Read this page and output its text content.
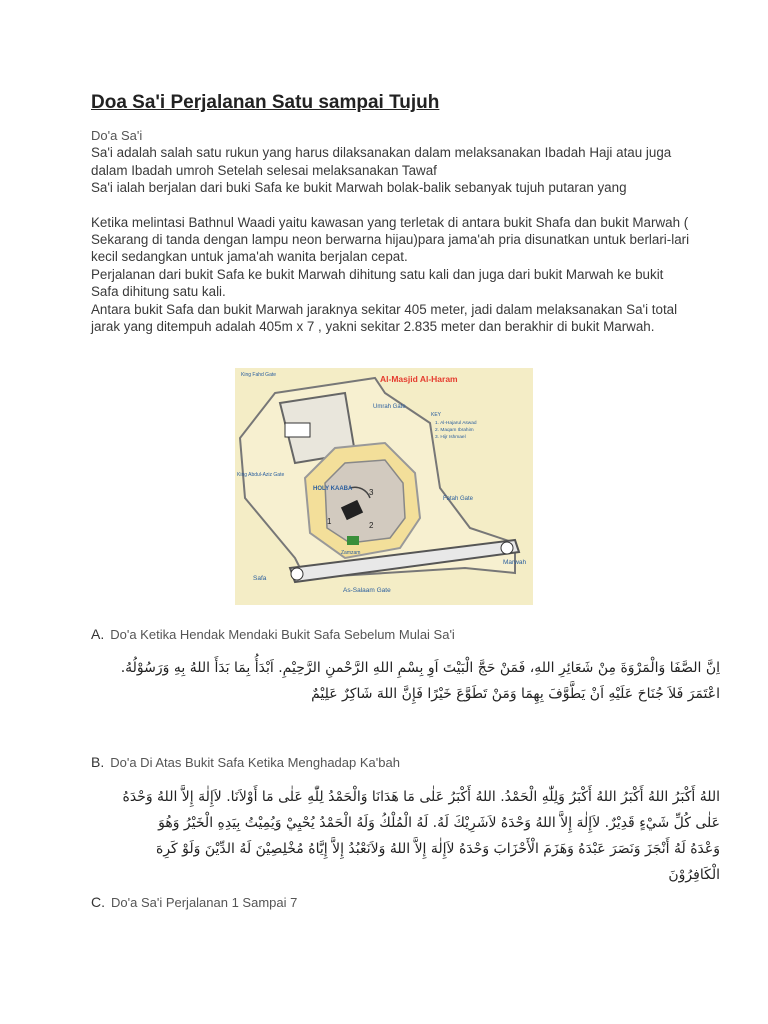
Doa Sa'i Perjalanan Satu sampai Tujuh

Do'a Sa'i

Sa'i adalah salah satu rukun yang harus dilaksanakan dalam melaksanakan Ibadah Haji atau juga dalam Ibadah umroh Setelah selesai melaksanakan Tawaf

Sa'i ialah berjalan dari buki Safa ke bukit Marwah bolak-balik sebanyak tujuh putaran yang

Ketika melintasi Bathnul Waadi yaitu kawasan yang terletak di antara bukit Shafa dan bukit Marwah ( Sekarang di tanda dengan lampu neon berwarna hijau)para jama'ah pria disunatkan untuk berlari-lari kecil sedangkan untuk jama'ah wanita berjalan cepat.

Perjalanan dari bukit Safa ke bukit Marwah dihitung satu kali dan juga dari bukit Marwah ke bukit Safa dihitung satu kali.

Antara bukit Safa dan bukit Marwah jaraknya sekitar 405 meter, jadi dalam melaksanakan Sa'i total jarak yang ditempuh adalah 405m x 7 , yakni sekitar 2.835 meter dan berakhir di bukit Marwah.

Al-Masjid Al-Haram
King Fahd Gate
Umrah Gate
King Abdul-Aziz Gate
HOLY KAABA
Zamzam
Fatah Gate
Safa
Marwah
As-Salaam Gate
KEY
1. Al-Hajarul Aswad
2. Maqam Ibrahim
3. Hijr Ishmael
1	2
3
A. Do'a Ketika Hendak Mendaki Bukit Safa Sebelum Mulai Sa'i

اِنَّ الصَّفَا وَالْمَرْوَةَ مِنْ شَعَائِرِ اللهِ، فَمَنْ حَجَّ الْبَيْتَ اَوِ بِسْمِ اللهِ الرَّحْمنِ الرَّحِيْمِ. اَبْدَأُ بِمَا بَدَأَ اللهُ بِهِ وَرَسُوْلُهُ.

اعْتَمَرَ فَلاَ جُنَاحَ عَلَيْهِ اَنْ يَطَّوَّفَ بِهِمَا وَمَنْ تَطَوَّعَ خَيْرًا فَإِنَّ اللهَ شَاكِرٌ عَلِيْمٌ

B. Do'a Di Atas Bukit Safa Ketika Menghadap Ka'bah

اللهُ أَكْبَرُ اللهُ أَكْبَرُ اللهُ أَكْبَرُ وَلِلّٰهِ الْحَمْدُ. اللهُ أَكْبَرُ عَلٰى مَا هَدَانَا وَالْحَمْدُ لِلّٰهِ عَلٰى مَا أَوْلاَنَا. لاَإِلٰهَ إِلاَّ اللهُ وَحْدَهُ

عَلٰى كُلِّ شَيْءٍ قَدِيْرٌ. لاَإِلٰهَ إِلاَّ اللهُ وَحْدَهُ لاَشَرِيْكَ لَهُ. لَهُ الْمُلْكُ وَلَهُ الْحَمْدُ يُحْيِيْ وَيُمِيْتُ بِيَدِهِ الْخَيْرُ وَهُوَ

وَعْدَهُ لَهُ أَنْجَزَ وَنَصَرَ عَبْدَهُ وَهَزَمَ الْأَحْزَابَ وَحْدَهُ لاَإِلٰهَ إِلاَّ اللهُ وَلاَنَعْبُدُ إِلاَّ إِيَّاهُ مُخْلِصِيْنَ لَهُ الدِّيْنَ وَلَوْ كَرِهَ

الْكَافِرُوْنَ

C. Do'a Sa'i Perjalanan 1 Sampai 7
